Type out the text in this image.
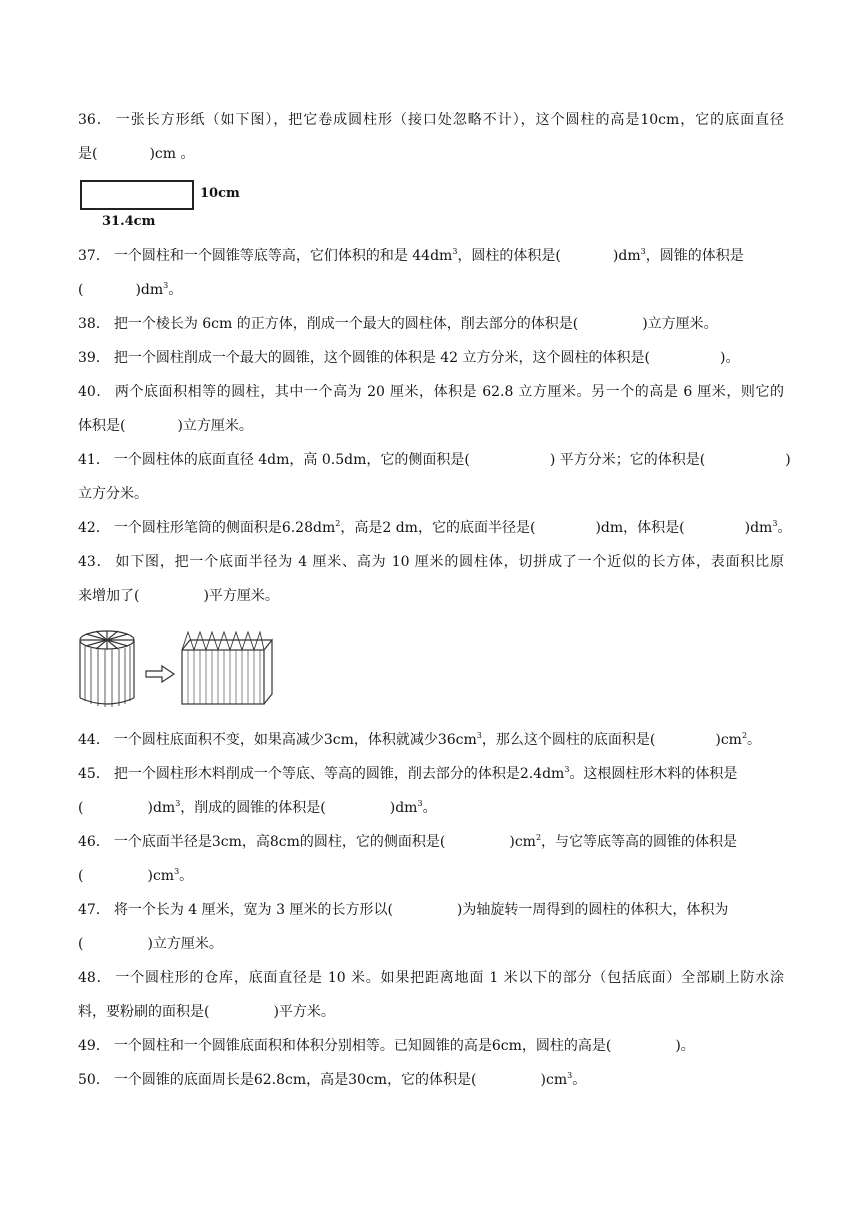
36． 一张长方形纸（如下图），把它卷成圆柱形（接口处忽略不计），这个圆柱的高是10cm，它的底面直径

是(	)cm 。

10cm
31.4cm

37． 一个圆柱和一个圆锥等底等高，它们体积的和是 $44dm^3$，圆柱的体积是(	)$dm^3$，圆锥的体积是

(	)$dm^3$。

38． 把一个棱长为 6cm 的正方体，削成一个最大的圆柱体，削去部分的体积是(	)立方厘米。

39． 把一个圆柱削成一个最大的圆锥，这个圆锥的体积是 42 立方分米，这个圆柱的体积是(	)。

40． 两个底面积相等的圆柱，其中一个高为 20 厘米，体积是 62.8 立方厘米。另一个的高是 6 厘米，则它的

体积是(	)立方厘米。

41． 一个圆柱体的底面直径 4dm，高 0.5dm，它的侧面积是(	) 平方分米；它的体积是(	)

立方分米。

42． 一个圆柱形笔筒的侧面积是$6.28dm^2$，高是2 dm，它的底面半径是(	)dm，体积是(	)$dm^3$。

43． 如下图，把一个底面半径为 4 厘米、高为 10 厘米的圆柱体，切拼成了一个近似的长方体，表面积比原

来增加了(	)平方厘米。

44． 一个圆柱底面积不变，如果高减少3cm，体积就减少$36cm^3$，那么这个圆柱的底面积是(	)$cm^2$。

45． 把一个圆柱形木料削成一个等底、等高的圆锥，削去部分的体积是$2.4dm^3$。这根圆柱形木料的体积是

(	)$dm^3$，削成的圆锥的体积是(	)$dm^3$。

46． 一个底面半径是3cm，高8cm的圆柱，它的侧面积是(	)$cm^2$，与它等底等高的圆锥的体积是

(	)$cm^3$。

47． 将一个长为 4 厘米，宽为 3 厘米的长方形以(	)为轴旋转一周得到的圆柱的体积大，体积为

(	)立方厘米。

48． 一个圆柱形的仓库，底面直径是 10 米。如果把距离地面 1 米以下的部分（包括底面）全部刷上防水涂

料，要粉刷的面积是(	)平方米。

49． 一个圆柱和一个圆锥底面积和体积分别相等。已知圆锥的高是6cm，圆柱的高是(	)。

50． 一个圆锥的底面周长是62.8cm，高是30cm，它的体积是(	)$cm^3$。
